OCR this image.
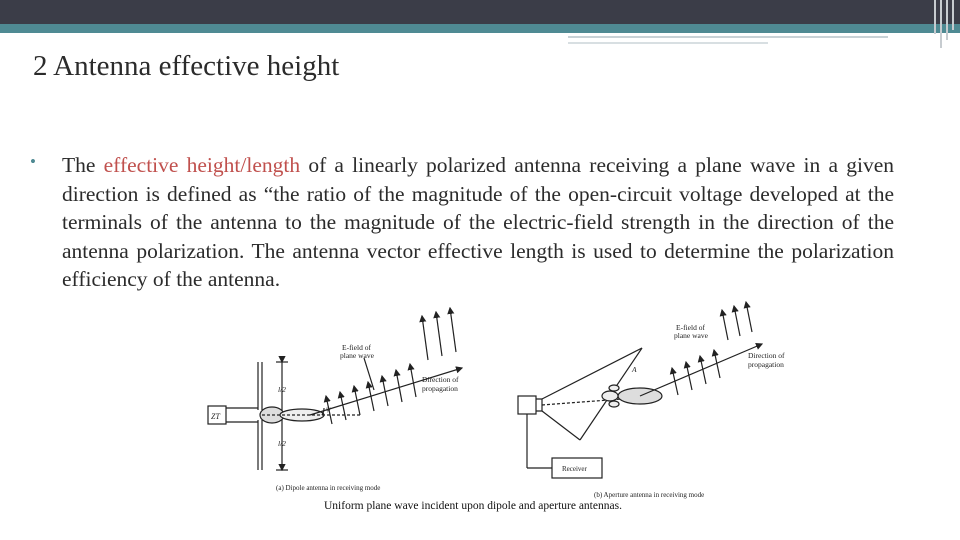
2 Antenna effective height
• The effective height/length of a linearly polarized antenna receiving a plane wave in a given direction is defined as “the ratio of the magnitude of the open-circuit voltage developed at the terminals of the antenna to the magnitude of the electric-field strength in the direction of the antenna polarization. The antenna vector effective length is used to determine the polarization efficiency of the antenna.
E-field of
plane wave
Direction of
propagation
l/2
l/2
ZT
ψ
(a) Dipole antenna in receiving mode
E-field of
plane wave
Direction of
propagation
A
Receiver
(b) Aperture antenna in receiving mode
Uniform plane wave incident upon dipole and aperture antennas.
